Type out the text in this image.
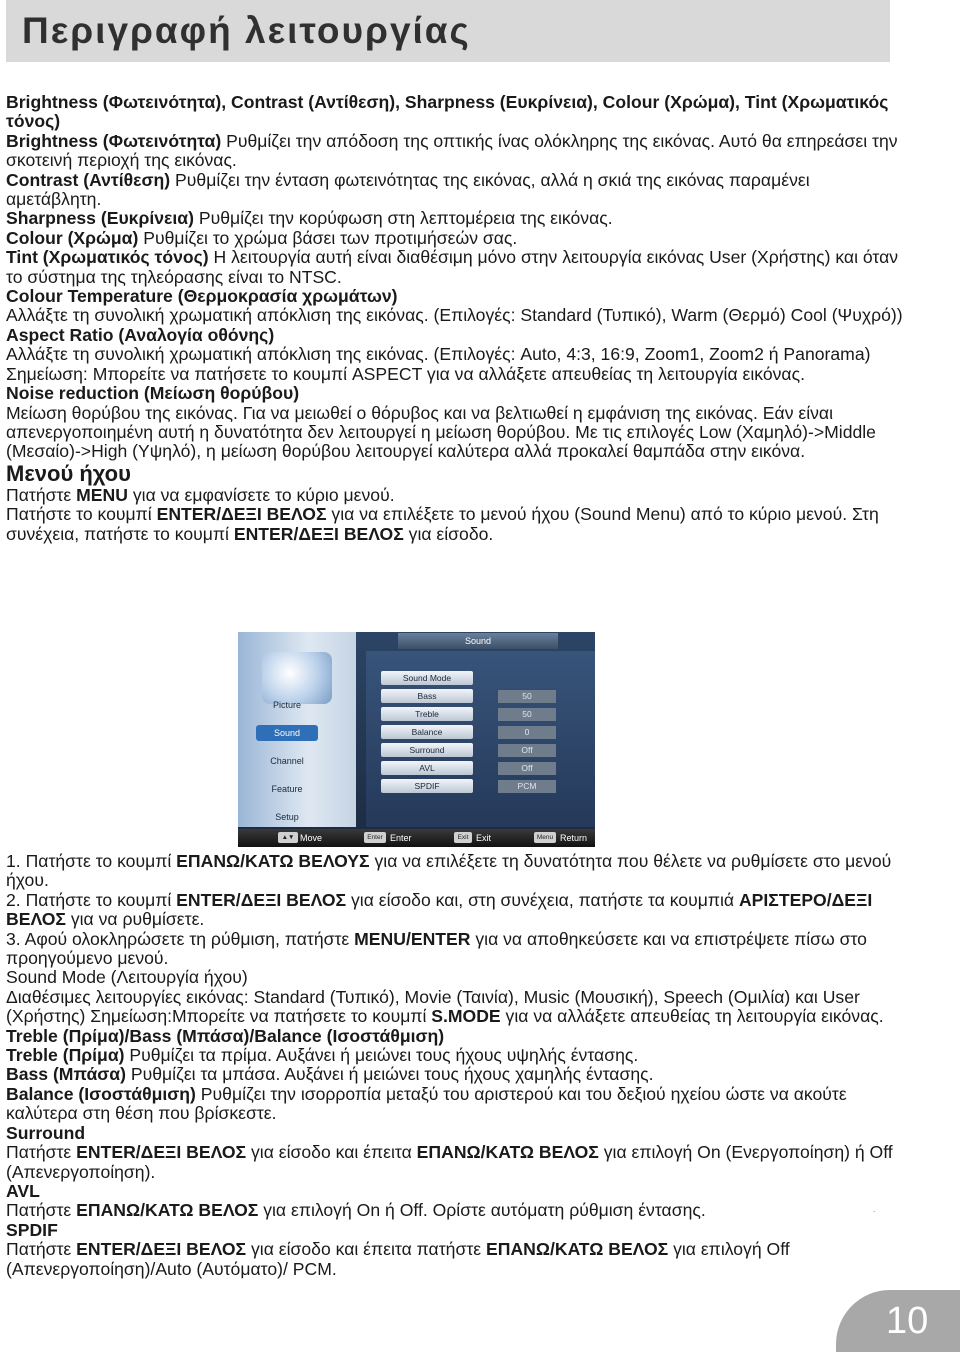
Περιγραφή λειτουργίας

Brightness (Φωτεινότητα), Contrast (Αντίθεση), Sharpness (Ευκρίνεια), Colour (Χρώμα), Tint (Χρωματικός τόνος)

Brightness (Φωτεινότητα) Ρυθμίζει την απόδοση της οπτικής ίνας ολόκληρης της εικόνας. Αυτό θα επηρεάσει την σκοτεινή περιοχή της εικόνας.

Contrast (Αντίθεση) Ρυθμίζει την ένταση φωτεινότητας της εικόνας, αλλά η σκιά της εικόνας παραμένει αμετάβλητη.

Sharpness (Ευκρίνεια) Ρυθμίζει την κορύφωση στη λεπτομέρεια της εικόνας.

Colour (Χρώμα) Ρυθμίζει το χρώμα βάσει των προτιμήσεών σας.

Tint (Χρωματικός τόνος) Η λειτουργία αυτή είναι διαθέσιμη μόνο στην λειτουργία εικόνας User (Χρήστης) και όταν το σύστημα της τηλεόρασης είναι το NTSC.

Colour Temperature (Θερμοκρασία χρωμάτων)

Αλλάξτε τη συνολική χρωματική απόκλιση της εικόνας. (Επιλογές: Standard (Τυπικό), Warm (Θερμό) Cool (Ψυχρό))

Aspect Ratio (Αναλογία οθόνης)

Αλλάξτε τη συνολική χρωματική απόκλιση της εικόνας. (Επιλογές: Auto, 4:3, 16:9, Zoom1, Zoom2 ή Panorama)

Σημείωση: Μπορείτε να πατήσετε το κουμπί ASPECT για να αλλάξετε απευθείας τη λειτουργία εικόνας.

Noise reduction (Μείωση θορύβου)

Μείωση θορύβου της εικόνας. Για να μειωθεί ο θόρυβος και να βελτιωθεί η εμφάνιση της εικόνας. Εάν είναι απενεργοποιημένη αυτή η δυνατότητα δεν λειτουργεί η μείωση θορύβου. Με τις επιλογές Low (Χαμηλό)->Middle (Μεσαίο)->High (Υψηλό), η μείωση θορύβου λειτουργεί καλύτερα αλλά προκαλεί θαμπάδα στην εικόνα.

Μενού ήχου

Πατήστε MENU για να εμφανίσετε το κύριο μενού.

Πατήστε το κουμπί ENTER/ΔΕΞΙ ΒΕΛΟΣ για να επιλέξετε το μενού ήχου (Sound Menu) από το κύριο μενού. Στη συνέχεια, πατήστε το κουμπί ENTER/ΔΕΞΙ ΒΕΛΟΣ για είσοδο.

Picture
Sound
Channel
Feature
Setup
Sound
Sound Mode
Bass	50
Treble	50
Balance	0
Surround	Off
AVL	Off
SPDIF	PCM
▲▼ Move	Enter Enter	Exit Exit	Menu Return

1. Πατήστε το κουμπί ΕΠΑΝΩ/ΚΑΤΩ ΒΕΛΟΥΣ για να επιλέξετε τη δυνατότητα που θέλετε να ρυθμίσετε στο μενού ήχου.

2. Πατήστε το κουμπί ENTER/ΔΕΞΙ ΒΕΛΟΣ για είσοδο και, στη συνέχεια, πατήστε τα κουμπιά ΑΡΙΣΤΕΡΟ/ΔΕΞΙ ΒΕΛΟΣ για να ρυθμίσετε.

3. Αφού ολοκληρώσετε τη ρύθμιση, πατήστε MENU/ENTER για να αποθηκεύσετε και να επιστρέψετε πίσω στο προηγούμενο μενού.

Sound Mode (Λειτουργία ήχου)

Διαθέσιμες λειτουργίες εικόνας: Standard (Τυπικό), Movie (Ταινία), Music (Μουσική), Speech (Ομιλία) και User (Χρήστης) Σημείωση:Μπορείτε να πατήσετε το κουμπί S.MODE για να αλλάξετε απευθείας τη λειτουργία εικόνας.

Treble (Πρίμα)/Bass (Μπάσα)/Balance (Ισοστάθμιση)

Treble (Πρίμα) Ρυθμίζει τα πρίμα. Αυξάνει ή μειώνει τους ήχους υψηλής έντασης.

Bass (Μπάσα) Ρυθμίζει τα μπάσα. Αυξάνει ή μειώνει τους ήχους χαμηλής έντασης.

Balance (Ισοστάθμιση) Ρυθμίζει την ισορροπία μεταξύ του αριστερού και του δεξιού ηχείου ώστε να ακούτε καλύτερα στη θέση που βρίσκεστε.

Surround

Πατήστε ENTER/ΔΕΞΙ ΒΕΛΟΣ για είσοδο και έπειτα ΕΠΑΝΩ/ΚΑΤΩ ΒΕΛΟΣ για επιλογή On (Ενεργοποίηση) ή Off (Απενεργοποίηση).

AVL

Πατήστε ΕΠΑΝΩ/ΚΑΤΩ ΒΕΛΟΣ για επιλογή On ή Off. Ορίστε αυτόματη ρύθμιση έντασης.

SPDIF

Πατήστε ENTER/ΔΕΞΙ ΒΕΛΟΣ για είσοδο και έπειτα πατήστε ΕΠΑΝΩ/ΚΑΤΩ ΒΕΛΟΣ για επιλογή Off (Απενεργοποίηση)/Auto (Αυτόματο)/ PCM.

.
10
